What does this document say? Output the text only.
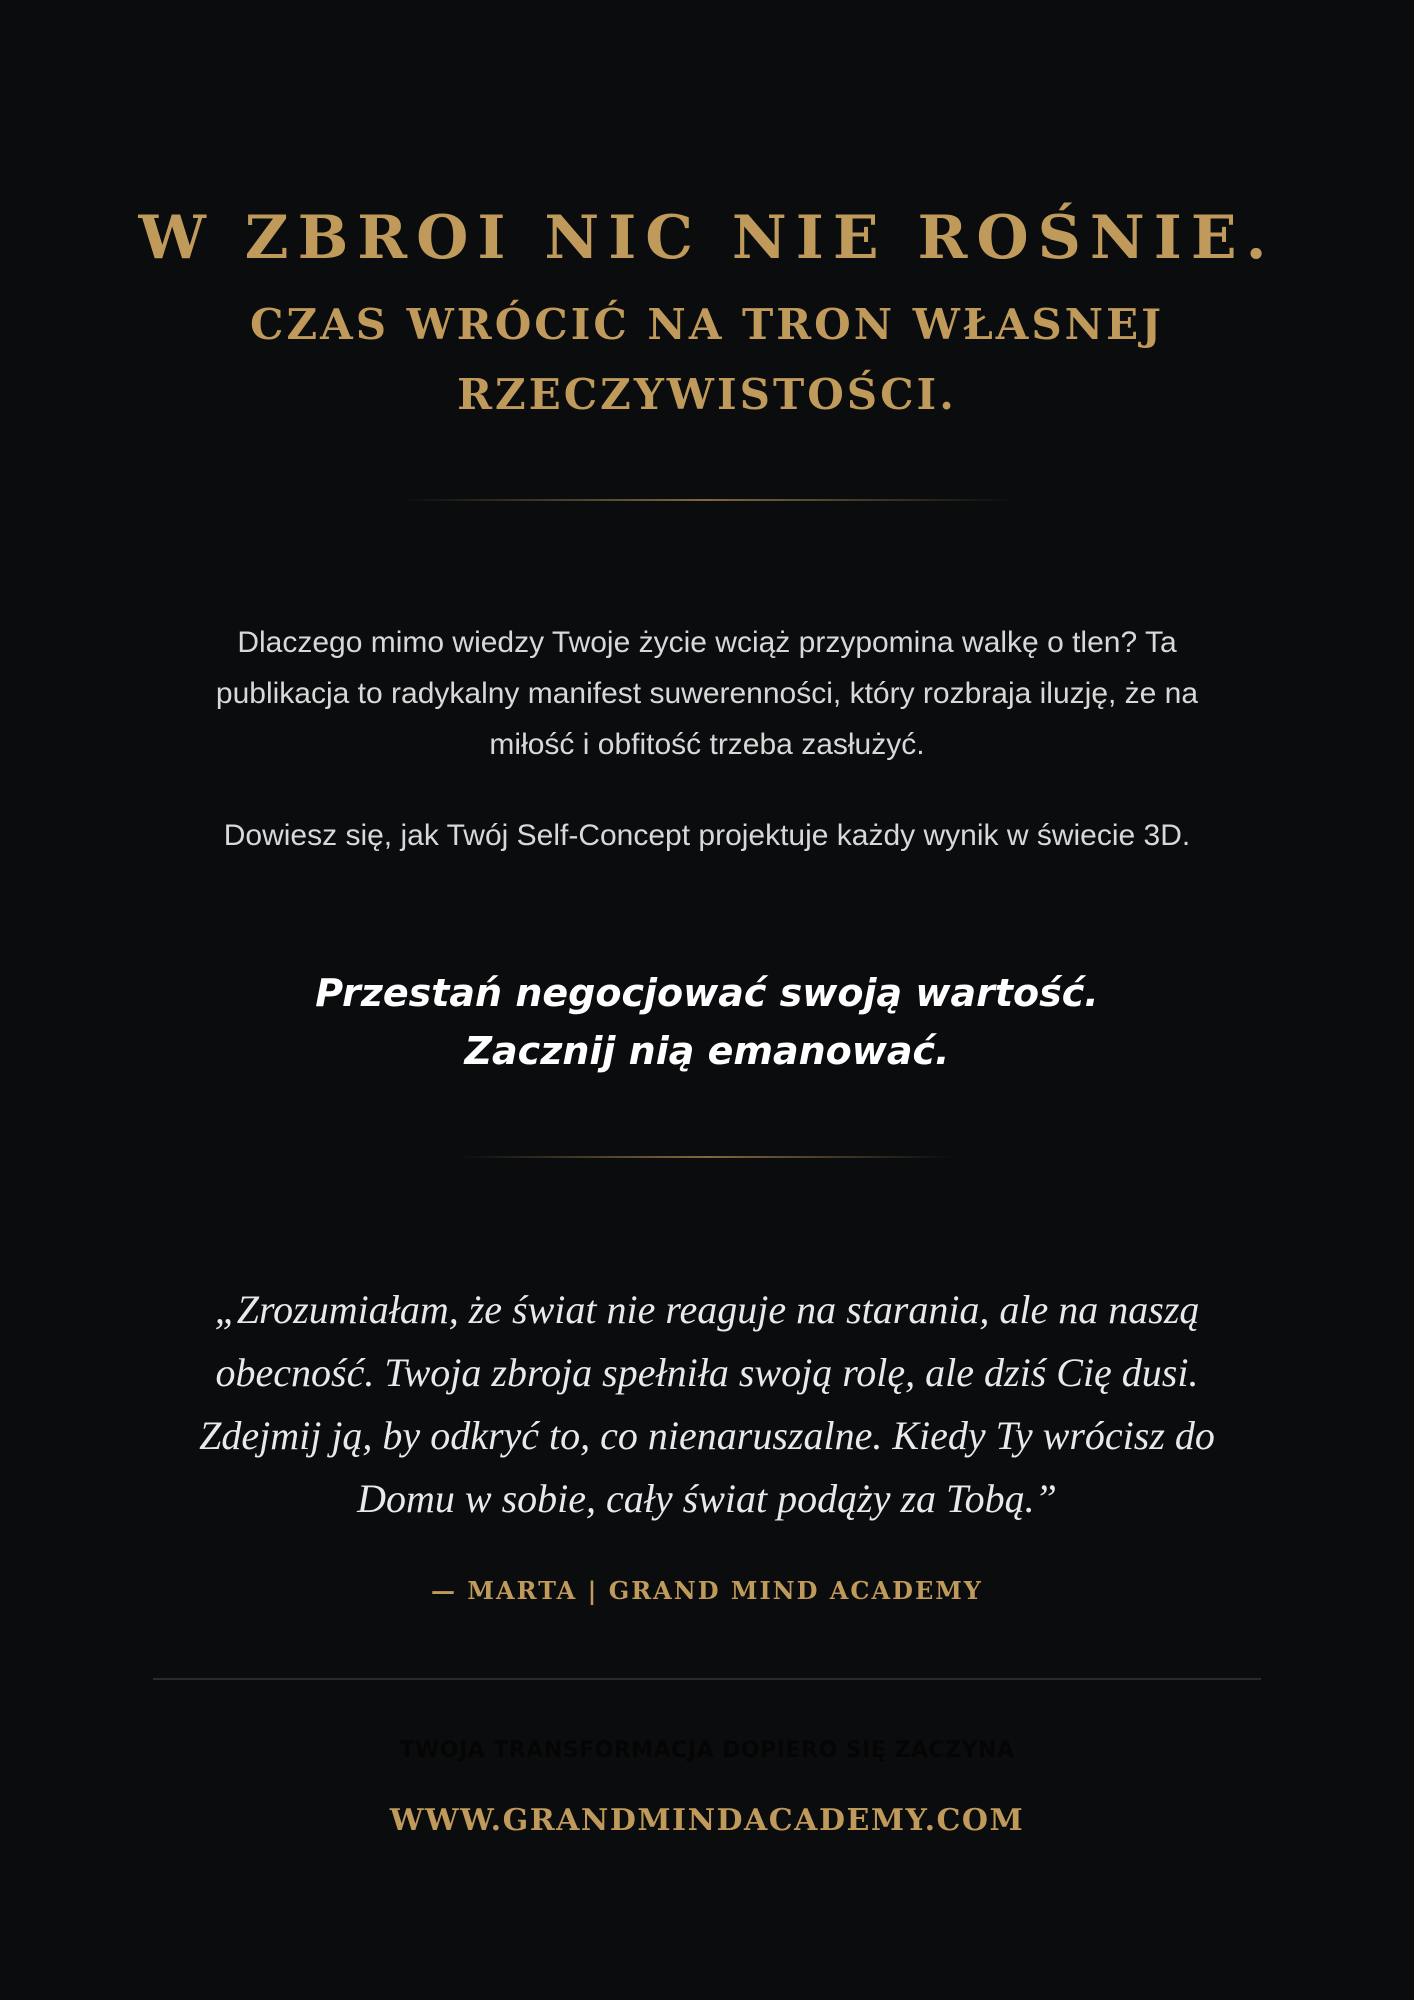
W ZBROI NIC NIE ROŚNIE.
CZAS WRÓCIĆ NA TRON WŁASNEJ RZECZYWISTOŚCI.

Dlaczego mimo wiedzy Twoje życie wciąż przypomina walkę o tlen? Ta publikacja to radykalny manifest suwerenności, który rozbraja iluzję, że na miłość i obfitość trzeba zasłużyć.

Dowiesz się, jak Twój Self-Concept projektuje każdy wynik w świecie 3D.

Przestań negocjować swoją wartość.
Zacznij nią emanować.

„Zrozumiałam, że świat nie reaguje na starania, ale na naszą obecność. Twoja zbroja spełniła swoją rolę, ale dziś Cię dusi. Zdejmij ją, by odkryć to, co nienaruszalne. Kiedy Ty wrócisz do Domu w sobie, cały świat podąży za Tobą.”

— MARTA | GRAND MIND ACADEMY

TWOJA TRANSFORMACJA DOPIERO SIĘ ZACZYNA

WWW.GRANDMINDACADEMY.COM
